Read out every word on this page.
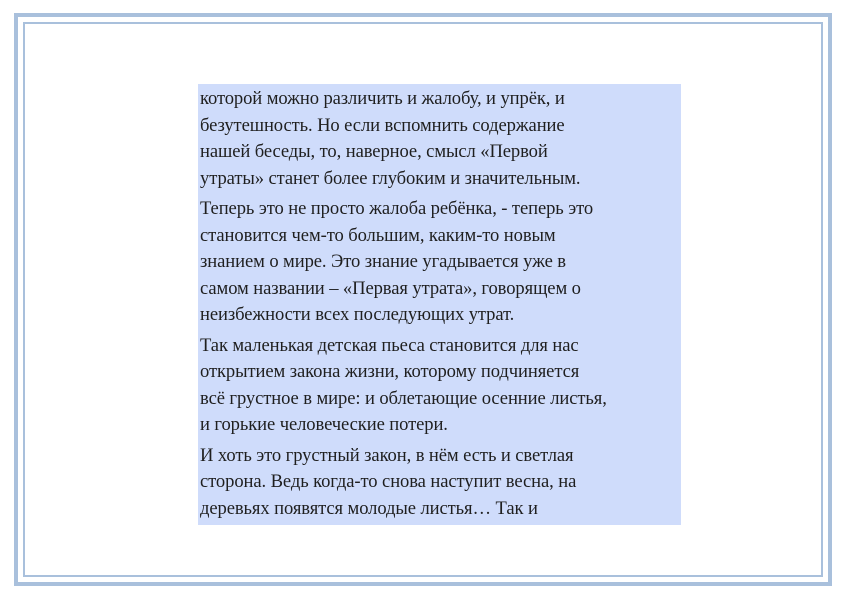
которой можно различить и жалобу, и упрёк, и
безутешность. Но если вспомнить содержание
нашей беседы, то, наверное, смысл «Первой
утраты» станет более глубоким и значительным.

Теперь это не просто жалоба ребёнка, - теперь это
становится чем-то большим, каким-то новым
знанием о мире. Это знание угадывается уже в
самом названии – «Первая утрата», говорящем о
неизбежности всех последующих утрат.

Так маленькая детская пьеса становится для нас
открытием закона жизни, которому подчиняется
всё грустное в мире: и облетающие осенние листья,
и горькие человеческие потери.

И хоть это грустный закон, в нём есть и светлая
сторона. Ведь когда-то снова наступит весна, на
деревьях появятся молодые листья… Так и
